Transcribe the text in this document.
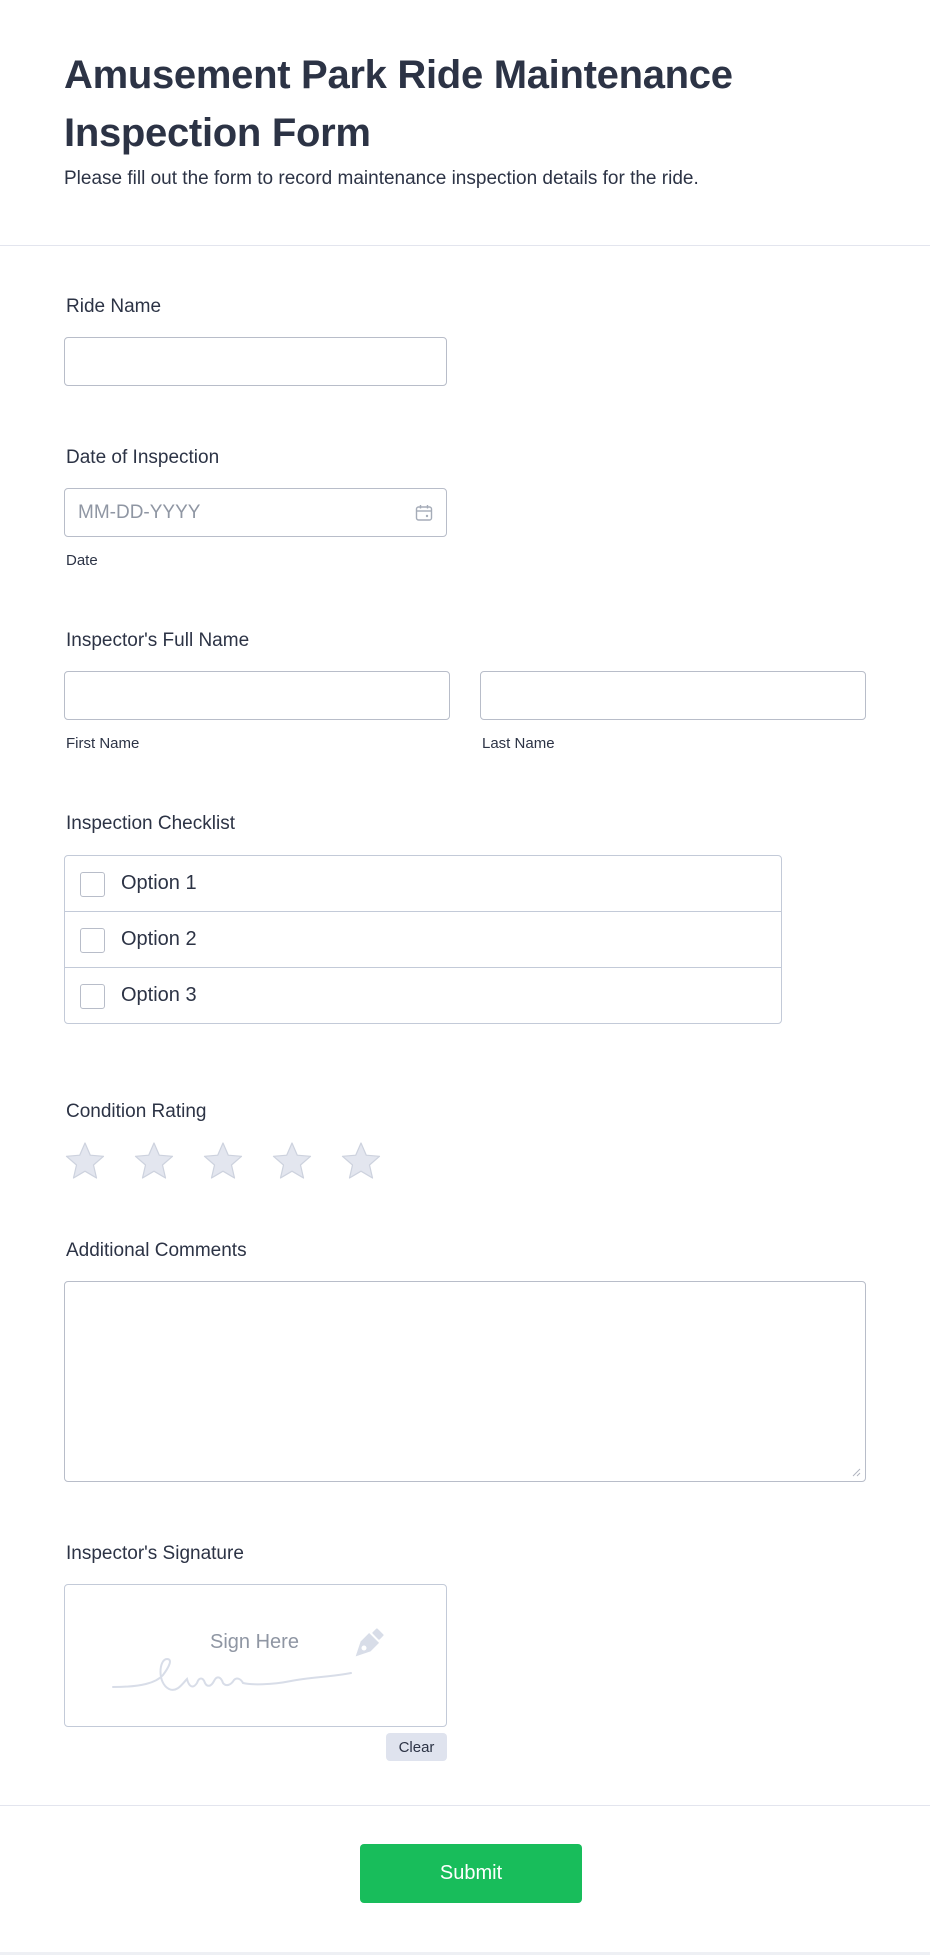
Amusement Park Ride Maintenance Inspection Form
Please fill out the form to record maintenance inspection details for the ride.
Ride Name
Date of Inspection
MM-DD-YYYY
Date
Inspector's Full Name
First Name	Last Name
Inspection Checklist
Option 1
Option 2
Option 3
Condition Rating
Additional Comments
Inspector's Signature
Sign Here
Clear
Submit
